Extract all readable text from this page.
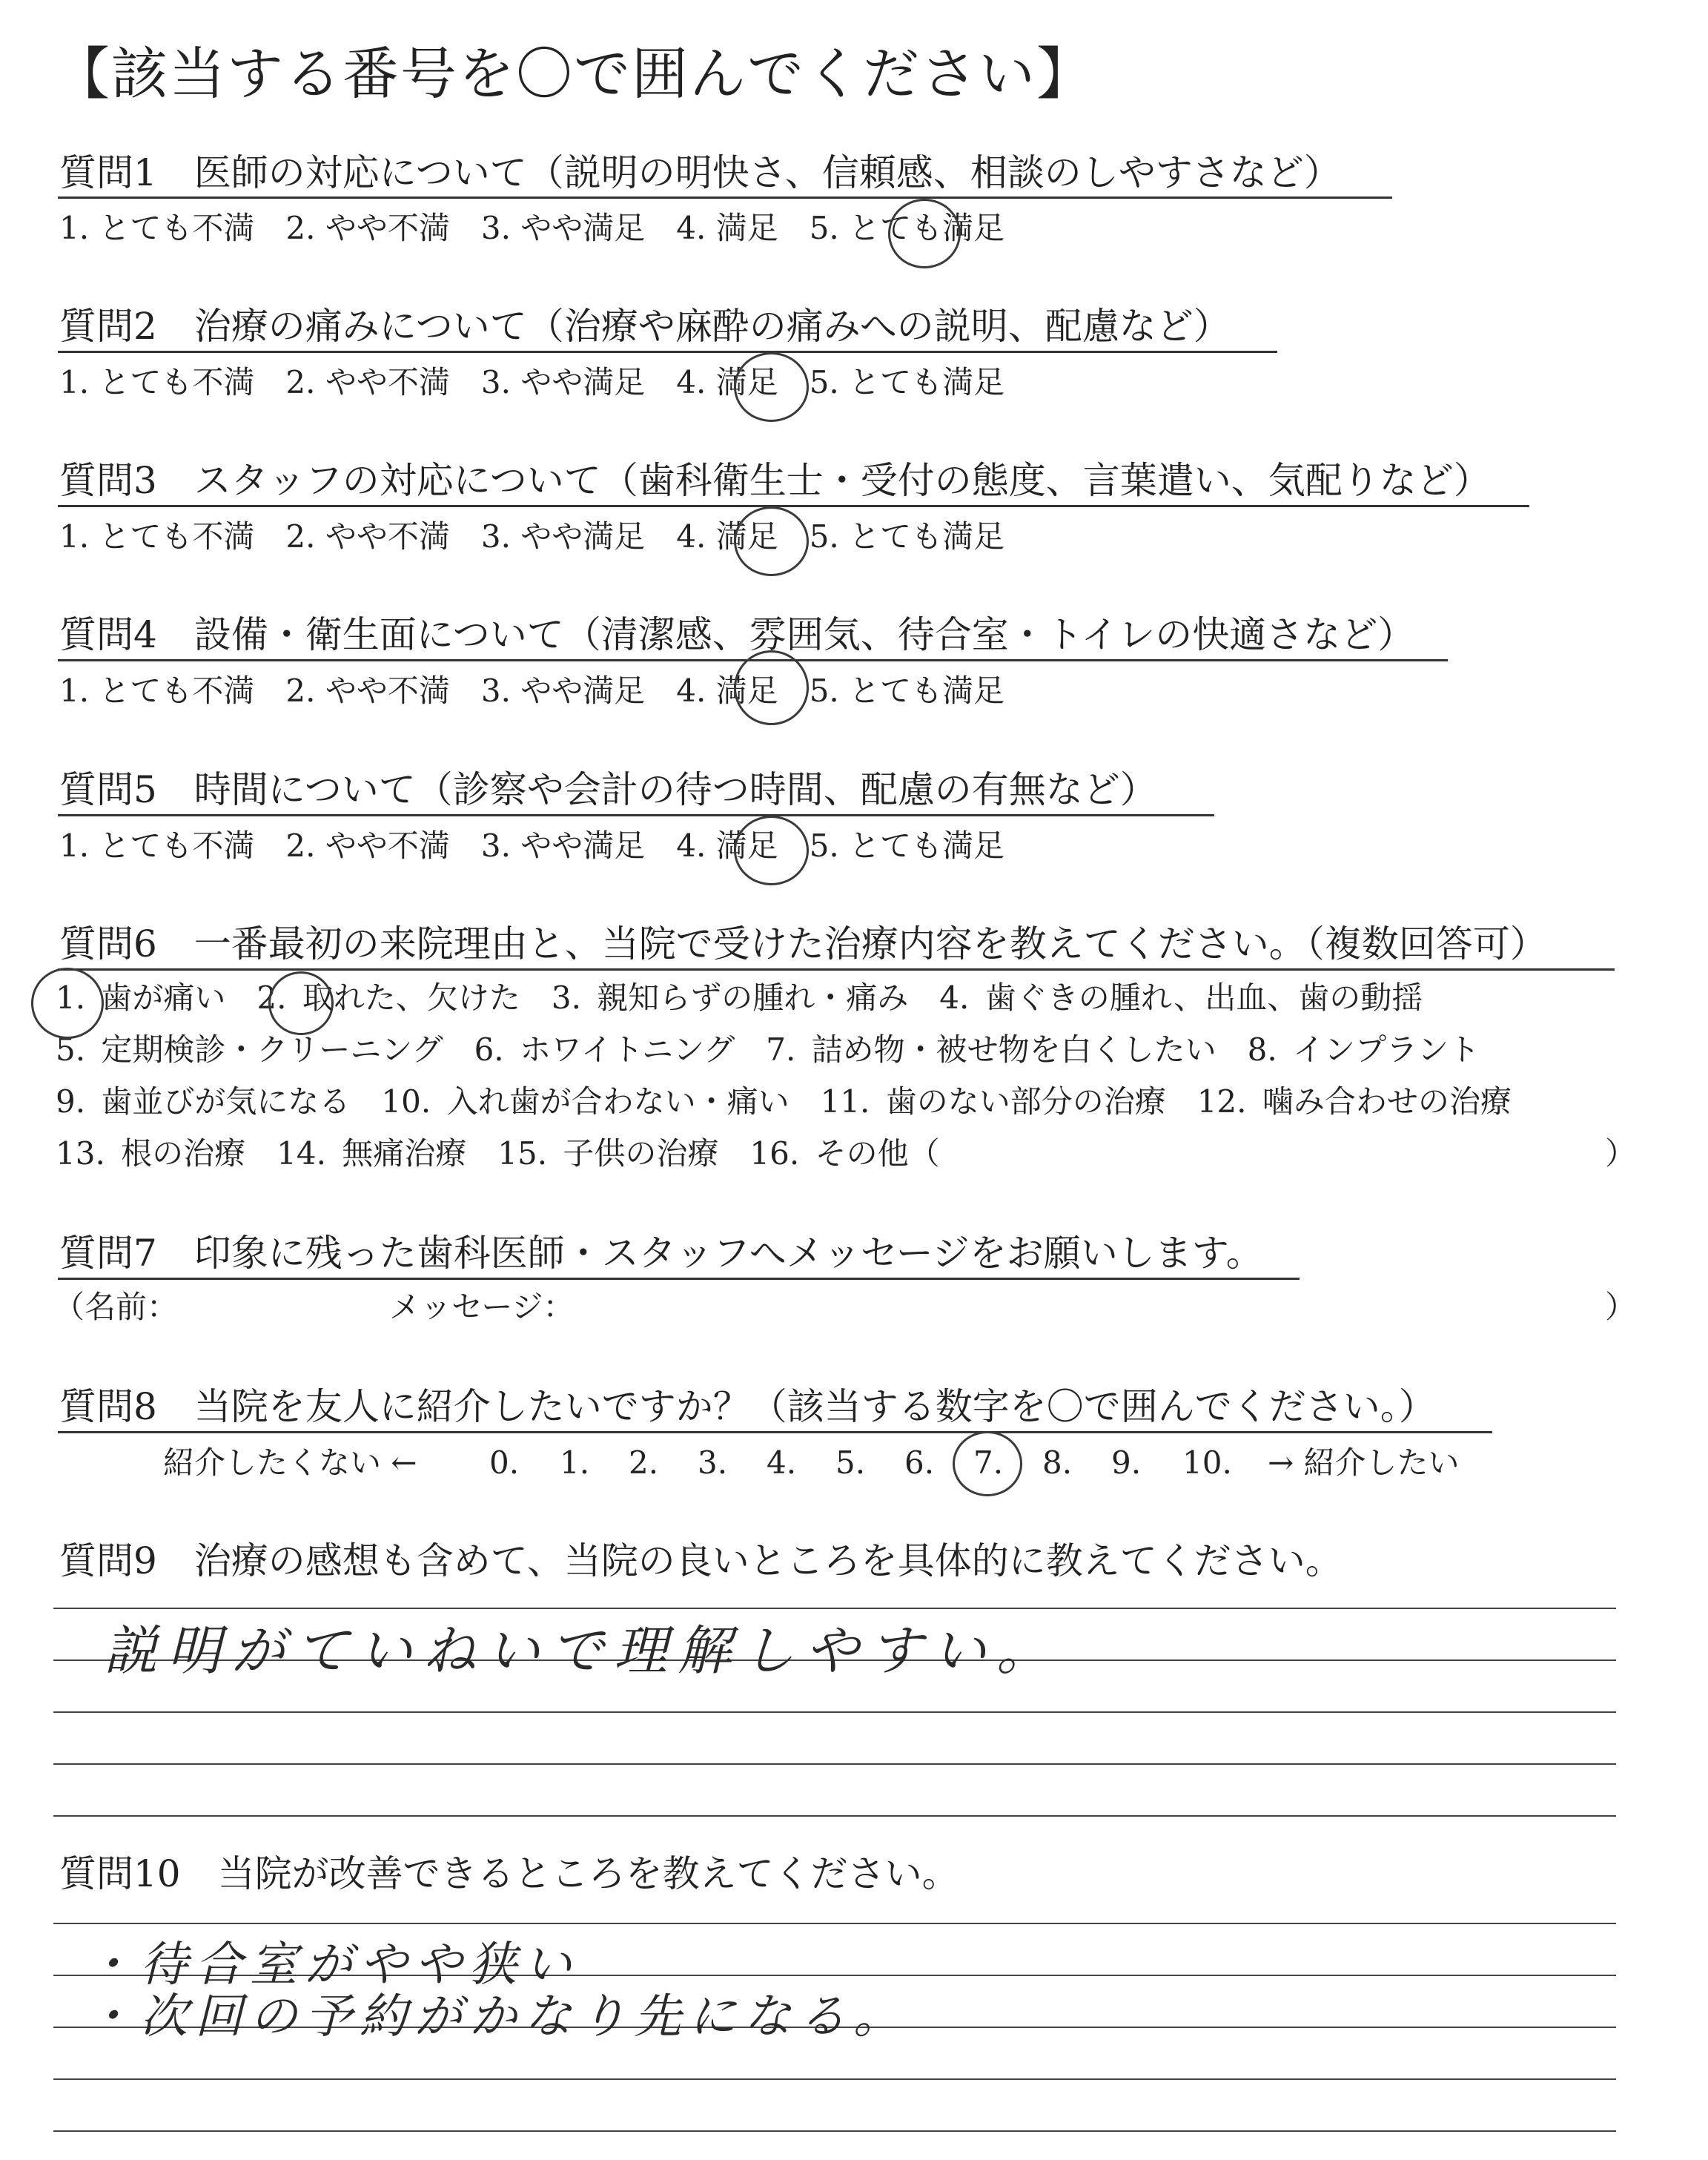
【該当する番号を〇で囲んでください】
質問1　医師の対応について（説明の明快さ、信頼感、相談のしやすさなど）
1. とても不満　2. やや不満　3. やや満足　4. 満足　5. とても満足
質問2　治療の痛みについて（治療や麻酔の痛みへの説明、配慮など）
1. とても不満　2. やや不満　3. やや満足　4. 満足　5. とても満足
質問3　スタッフの対応について（歯科衛生士・受付の態度、言葉遣い、気配りなど）
1. とても不満　2. やや不満　3. やや満足　4. 満足　5. とても満足
質問4　設備・衛生面について（清潔感、雰囲気、待合室・トイレの快適さなど）
1. とても不満　2. やや不満　3. やや満足　4. 満足　5. とても満足
質問5　時間について（診察や会計の待つ時間、配慮の有無など）
1. とても不満　2. やや不満　3. やや満足　4. 満足　5. とても満足
質問6　一番最初の来院理由と、当院で受けた治療内容を教えてください。（複数回答可）
1. 歯が痛い　2. 取れた、欠けた　3. 親知らずの腫れ・痛み　4. 歯ぐきの腫れ、出血、歯の動揺
5. 定期検診・クリーニング　6. ホワイトニング　7. 詰め物・被せ物を白くしたい　8. インプラント
9. 歯並びが気になる　10. 入れ歯が合わない・痛い　11. 歯のない部分の治療　12. 噛み合わせの治療
13. 根の治療　14. 無痛治療　15. 子供の治療　16. その他（	）
質問7　印象に残った歯科医師・スタッフへメッセージをお願いします。
（名前：	メッセージ：	）
質問8　当院を友人に紹介したいですか？（該当する数字を〇で囲んでください。）
紹介したくない ← 0. 1. 2. 3. 4. 5. 6. 7. 8. 9. 10. → 紹介したい
質問9　治療の感想も含めて、当院の良いところを具体的に教えてください。
説明がていねいで理解しやすい。
質問10　当院が改善できるところを教えてください。
・待合室がやや狭い
・次回の予約がかなり先になる。
